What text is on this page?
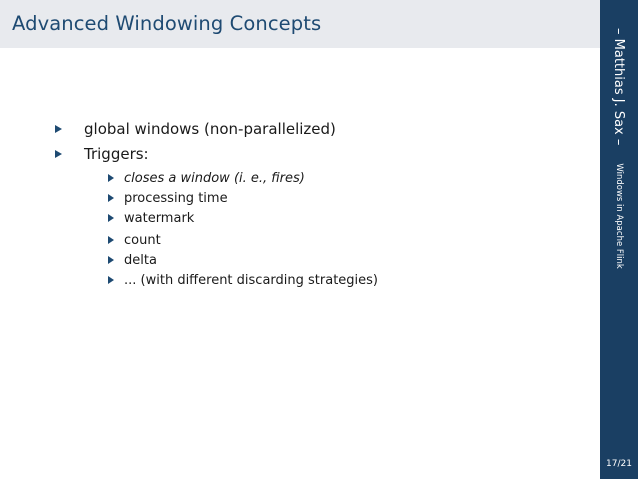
Advanced Windowing Concepts
global windows (non-parallelized)
Triggers:
closes a window (i. e., fires)
processing time
watermark
count
delta
... (with different discarding strategies)
– Matthias J. Sax –
Windows in Apache Flink
17/21
